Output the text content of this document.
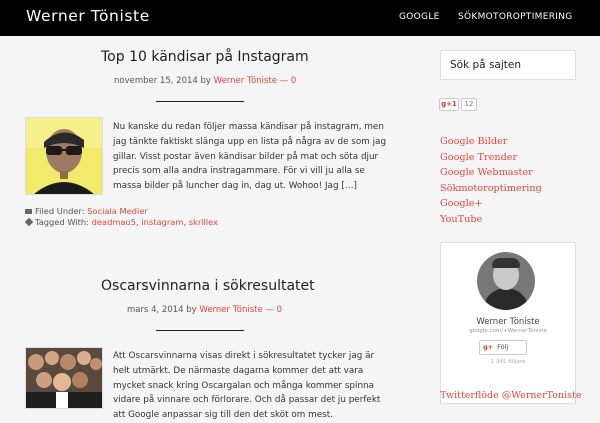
Werner Töniste	GOOGLE SÖKMOTOROPTIMERING
Top 10 kändisar på Instagram
november 15, 2014 by Werner Töniste — 0
Nu kanske du redan följer massa kändisar på instagram, men
jag tänkte faktiskt slänga upp en lista på några av de som jag
gillar. Visst postar även kändisar bilder på mat och söta djur
precis som alla andra instragammare. För vi vill ju alla se
massa bilder på luncher dag in, dag ut. Wohoo! Jag […]
Filed Under: Sociala Medier
Tagged With: deadmau5, instagram, skrillex
Oscarsvinnarna i sökresultatet
mars 4, 2014 by Werner Töniste — 0
Att Oscarsvinnarna visas direkt i sökresultatet tycker jag är
helt utmärkt. De närmaste dagarna kommer det att vara
mycket snack kring Oscargalan och många kommer spinna
vidare på vinnare och förlorare. Och då passar det ju perfekt
att Google anpassar sig till den det sköt om mest.
Sök på sajten
g+1	12
Google Bilder
Google Trender
Google Webmaster
Sökmotoroptimering
Google+
YouTube
Werner Töniste
google.com/+WernerTöniste
g+ Följ
1 345 följare
Twitterflöde @WernerToniste
